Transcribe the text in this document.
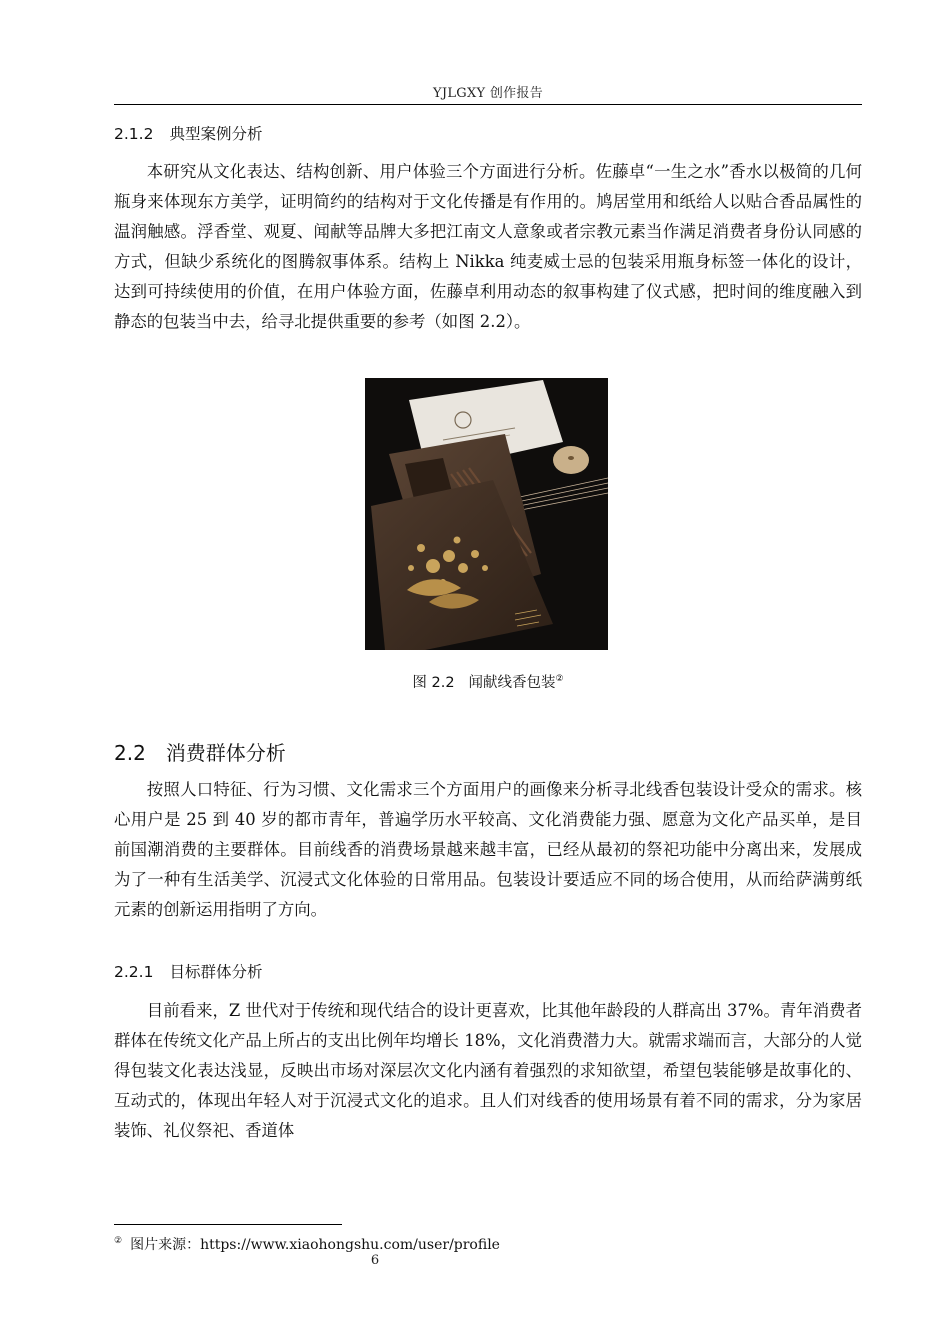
YJLGXY 创作报告
2.1.2 典型案例分析

本研究从文化表达、结构创新、用户体验三个方面进行分析。佐藤卓“一生之水”香水以极简的几何瓶身来体现东方美学，证明简约的结构对于文化传播是有作用的。鸠居堂用和纸给人以贴合香品属性的温润触感。浮香堂、观夏、闻献等品牌大多把江南文人意象或者宗教元素当作满足消费者身份认同感的方式，但缺少系统化的图腾叙事体系。结构上 Nikka 纯麦威士忌的包装采用瓶身标签一体化的设计，达到可持续使用的价值，在用户体验方面，佐藤卓利用动态的叙事构建了仪式感，把时间的维度融入到静态的包装当中去，给寻北提供重要的参考（如图 2.2）。

图 2.2 闻献线香包装②
2.2 消费群体分析

按照人口特征、行为习惯、文化需求三个方面用户的画像来分析寻北线香包装设计受众的需求。核心用户是 25 到 40 岁的都市青年，普遍学历水平较高、文化消费能力强、愿意为文化产品买单，是目前国潮消费的主要群体。目前线香的消费场景越来越丰富，已经从最初的祭祀功能中分离出来，发展成为了一种有生活美学、沉浸式文化体验的日常用品。包装设计要适应不同的场合使用，从而给萨满剪纸元素的创新运用指明了方向。

2.2.1 目标群体分析

目前看来，Z 世代对于传统和现代结合的设计更喜欢，比其他年龄段的人群高出 37%。青年消费者群体在传统文化产品上所占的支出比例年均增长 18%，文化消费潜力大。就需求端而言，大部分的人觉得包装文化表达浅显，反映出市场对深层次文化内涵有着强烈的求知欲望，希望包装能够是故事化的、互动式的，体现出年轻人对于沉浸式文化的追求。且人们对线香的使用场景有着不同的需求，分为家居装饰、礼仪祭祀、香道体

② 图片来源：https://www.xiaohongshu.com/user/profile
6
